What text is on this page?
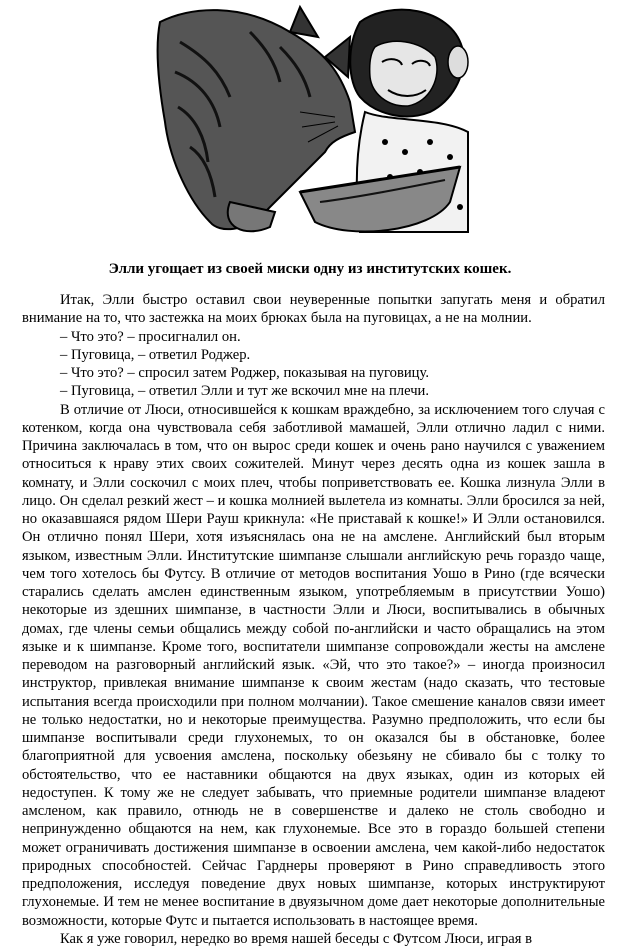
Элли угощает из своей миски одну из институтских кошек.

Итак, Элли быстро оставил свои неуверенные попытки запугать меня и обратил внимание на то, что застежка на моих брюках была на пуговицах, а не на молнии.

– Что это? – просигналил он.

– Пуговица, – ответил Роджер.

– Что это? – спросил затем Роджер, показывая на пуговицу.

– Пуговица, – ответил Элли и тут же вскочил мне на плечи.

В отличие от Люси, относившейся к кошкам враждебно, за исключением того случая с котенком, когда она чувствовала себя заботливой мамашей, Элли отлично ладил с ними. Причина заключалась в том, что он вырос среди кошек и очень рано научился с уважением относиться к нраву этих своих сожителей. Минут через десять одна из кошек зашла в комнату, и Элли соскочил с моих плеч, чтобы поприветствовать ее. Кошка лизнула Элли в лицо. Он сделал резкий жест – и кошка молнией вылетела из комнаты. Элли бросился за ней, но оказавшаяся рядом Шери Рауш крикнула: «Не приставай к кошке!» И Элли остановился. Он отлично понял Шери, хотя изъяснялась она не на амслене. Английский был вторым языком, известным Элли. Институтские шимпанзе слышали английскую речь гораздо чаще, чем того хотелось бы Футсу. В отличие от методов воспитания Уошо в Рино (где всячески старались сделать амслен единственным языком, употребляемым в присутствии Уошо) некоторые из здешних шимпанзе, в частности Элли и Люси, воспитывались в обычных домах, где члены семьи общались между собой по-английски и часто обращались на этом языке и к шимпанзе. Кроме того, воспитатели шимпанзе сопровождали жесты на амслене переводом на разговорный английский язык. «Эй, что это такое?» – иногда произносил инструктор, привлекая внимание шимпанзе к своим жестам (надо сказать, что тестовые испытания всегда происходили при полном молчании). Такое смешение каналов связи имеет не только недостатки, но и некоторые преимущества. Разумно предположить, что если бы шимпанзе воспитывали среди глухонемых, то он оказался бы в обстановке, более благоприятной для усвоения амслена, поскольку обезьяну не сбивало бы с толку то обстоятельство, что ее наставники общаются на двух языках, один из которых ей недоступен. К тому же не следует забывать, что приемные родители шимпанзе владеют амсленом, как правило, отнюдь не в совершенстве и далеко не столь свободно и непринужденно общаются на нем, как глухонемые. Все это в гораздо большей степени может ограничивать достижения шимпанзе в освоении амслена, чем какой-либо недостаток природных способностей. Сейчас Гарднеры проверяют в Рино справедливость этого предположения, исследуя поведение двух новых шимпанзе, которых инструктируют глухонемые. И тем не менее воспитание в двуязычном доме дает некоторые дополнительные возможности, которые Футс и пытается использовать в настоящее время.

Как я уже говорил, нередко во время нашей беседы с Футсом Люси, играя в
